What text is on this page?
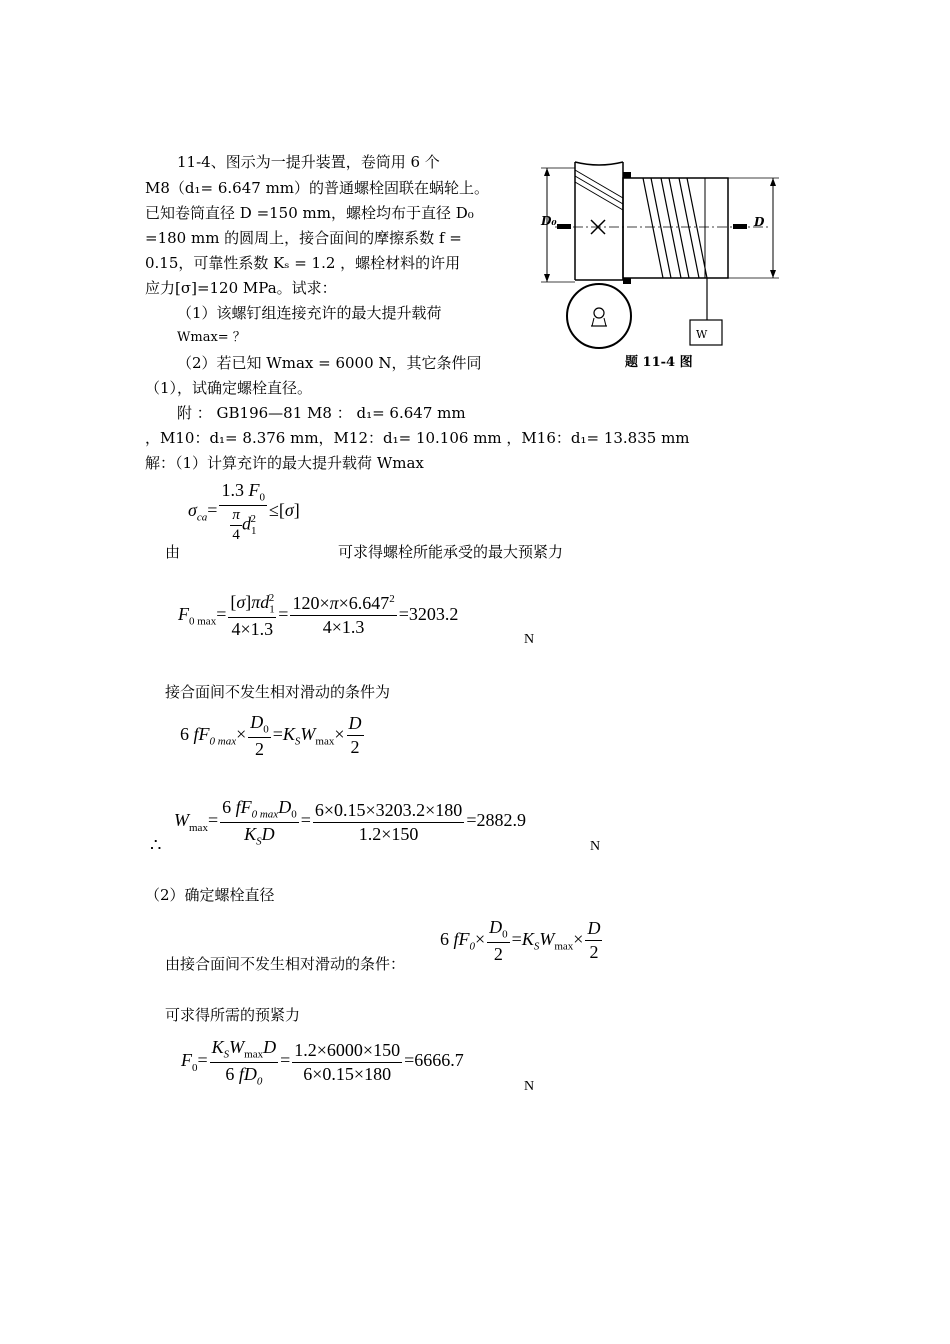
11-4、图示为一提升装置，卷筒用 6 个
M8（d₁= 6.647 mm）的普通螺栓固联在蜗轮上。
已知卷筒直径 D =150 mm，螺栓均布于直径 D₀
=180 mm 的圆周上，接合面间的摩擦系数 f =
0.15，可靠性系数 Kₛ = 1.2 ，螺栓材料的许用
应力[σ]=120 MPa。试求：
（1）该螺钉组连接充许的最大提升载荷
Wmax= ？
（2）若已知 Wmax = 6000 N，其它条件同
（1），试确定螺栓直径。
附 ： GB196—81 M8 ： d₁= 6.647 mm
，M10：d₁= 8.376 mm，M12：d₁= 10.106 mm ，M16：d₁= 13.835 mm
解：（1）计算充许的最大提升载荷 Wmax
D₀	D
W
题 11-4 图
$\sigma_{ca}= \frac{1.3 F_0}{\frac{\pi}{4} d_1^2} \le[\sigma]$
由	可求得螺栓所能承受的最大预紧力
$F_{0 max}= \frac{[\sigma]\pi d_1^2}{4\times 1.3} = \frac{120\times\pi\times 6.647^2}{4\times 1.3} =3203.2$
N
接合面间不发生相对滑动的条件为
6 $fF_{0 max}\times \frac{D_0}{2} =K_SW_{max}\times \frac{D}{2}$
∴
$W_{max}= \frac{6 fF_{0 max}D_0}{K_SD} = \frac{6\times 0.15\times 3203.2\times 180}{1.2\times 150} =2882.9$
N
（2）确定螺栓直径
由接合面间不发生相对滑动的条件：
6 $fF_0\times \frac{D_0}{2} =K_SW_{max}\times \frac{D}{2}$
可求得所需的预紧力
$F_0= \frac{K_SW_{max}D}{6 fD_0} = \frac{1.2\times 6000\times 150}{6\times 0.15\times 180} =6666.7$
N
